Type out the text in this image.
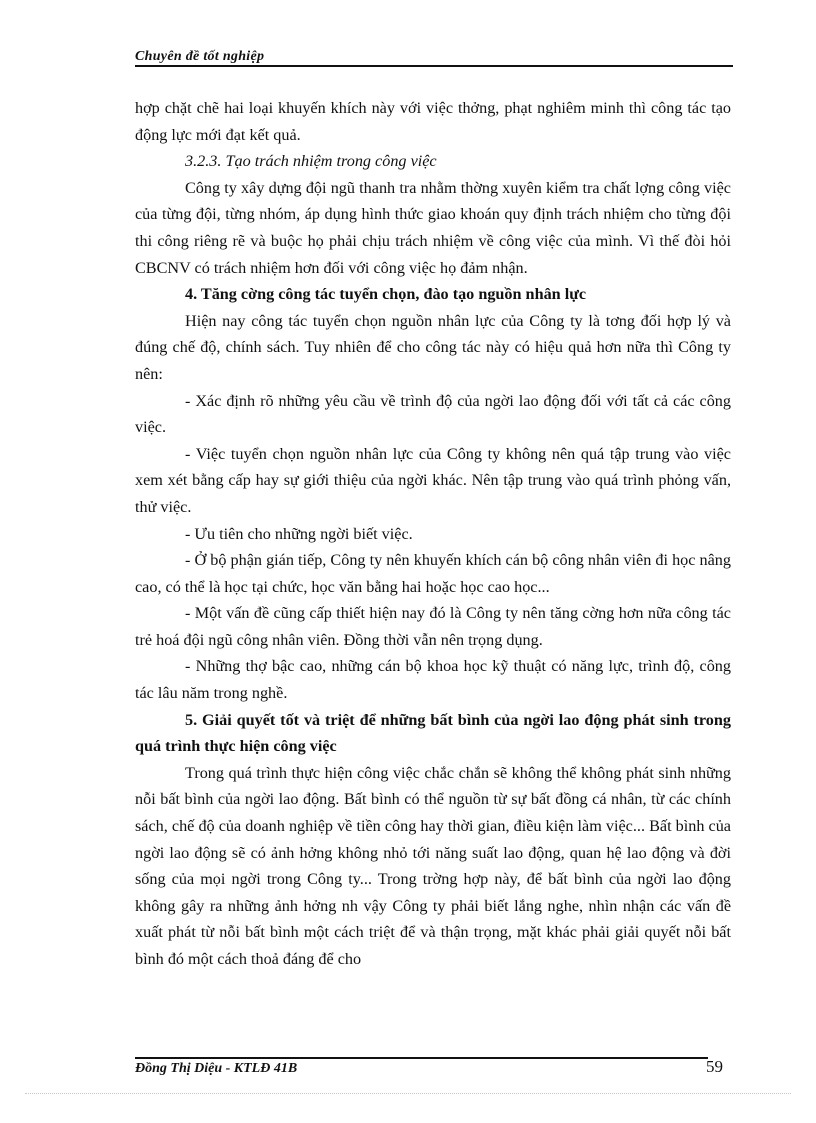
Chuyên đề tốt nghiệp

hợp chặt chẽ hai loại khuyến khích này với việc thởng, phạt nghiêm minh thì công tác tạo động lực mới đạt kết quả.

3.2.3. Tạo trách nhiệm trong công việc

Công ty xây dựng đội ngũ thanh tra nhằm thờng xuyên kiểm tra chất lợng công việc của từng đội, từng nhóm, áp dụng hình thức giao khoán quy định trách nhiệm cho từng đội thi công riêng rẽ và buộc họ phải chịu trách nhiệm về công việc của mình. Vì thế đòi hỏi CBCNV có trách nhiệm hơn đối với công việc họ đảm nhận.

4. Tăng cờng công tác tuyển chọn, đào tạo nguồn nhân lực

Hiện nay công tác tuyển chọn nguồn nhân lực của Công ty là tơng đối hợp lý và đúng chế độ, chính sách. Tuy nhiên để cho công tác này có hiệu quả hơn nữa thì Công ty nên:

- Xác định rõ những yêu cầu về trình độ của ngời lao động đối với tất cả các công việc.

- Việc tuyển chọn nguồn nhân lực của Công ty không nên quá tập trung vào việc xem xét bằng cấp hay sự giới thiệu của ngời khác. Nên tập trung vào quá trình phỏng vấn, thử việc.

- Ưu tiên cho những ngời biết việc.

- Ở bộ phận gián tiếp, Công ty nên khuyến khích cán bộ công nhân viên đi học nâng cao, có thể là học tại chức, học văn bằng hai hoặc học cao học...

- Một vấn đề cũng cấp thiết hiện nay đó là Công ty nên tăng cờng hơn nữa công tác trẻ hoá đội ngũ công nhân viên. Đồng thời vẫn nên trọng dụng.

- Những thợ bậc cao, những cán bộ khoa học kỹ thuật có năng lực, trình độ, công tác lâu năm trong nghề.

5. Giải quyết tốt và triệt để những bất bình của ngời lao động phát sinh trong quá trình thực hiện công việc

Trong quá trình thực hiện công việc chắc chắn sẽ không thể không phát sinh những nỗi bất bình của ngời lao động. Bất bình có thể nguồn từ sự bất đồng cá nhân, từ các chính sách, chế độ của doanh nghiệp về tiền công hay thời gian, điều kiện làm việc... Bất bình của ngời lao động sẽ có ảnh hởng không nhỏ tới năng suất lao động, quan hệ lao động và đời sống của mọi ngời trong Công ty... Trong trờng hợp này, để bất bình của ngời lao động không gây ra những ảnh hởng nh vậy Công ty phải biết lắng nghe, nhìn nhận các vấn đề xuất phát từ nỗi bất bình một cách triệt để và thận trọng, mặt khác phải giải quyết nỗi bất bình đó một cách thoả đáng để cho

Đồng Thị Diệu - KTLĐ 41B	59
